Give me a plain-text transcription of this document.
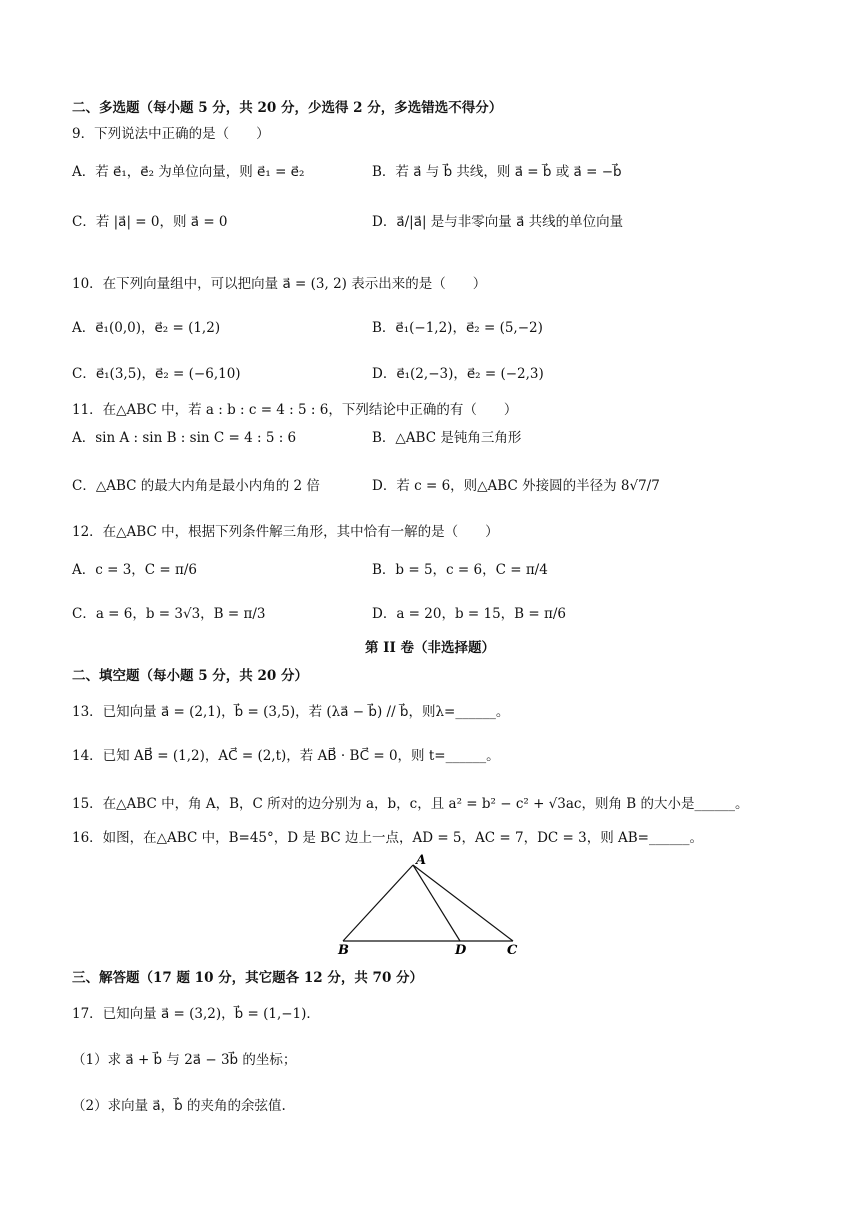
二、多选题（每小题 5 分，共 20 分，少选得 2 分，多选错选不得分）
9．下列说法中正确的是（　　）
A．若 e⃗₁，e⃗₂ 为单位向量，则 e⃗₁ = e⃗₂	B．若 a⃗ 与 b⃗ 共线，则 a⃗ = b⃗ 或 a⃗ = −b⃗
C．若 |a⃗| = 0，则 a⃗ = 0	D．a⃗/|a⃗| 是与非零向量 a⃗ 共线的单位向量
10．在下列向量组中，可以把向量 a⃗ = (3, 2) 表示出来的是（　　）
A．e⃗₁(0,0)，e⃗₂ = (1,2)	B．e⃗₁(−1,2)，e⃗₂ = (5,−2)
C．e⃗₁(3,5)，e⃗₂ = (−6,10)	D．e⃗₁(2,−3)，e⃗₂ = (−2,3)
11．在△ABC 中，若 a : b : c = 4 : 5 : 6，下列结论中正确的有（　　）
A．sin A : sin B : sin C = 4 : 5 : 6	B．△ABC 是钝角三角形
C．△ABC 的最大内角是最小内角的 2 倍	D．若 c = 6，则△ABC 外接圆的半径为 8√7/7
12．在△ABC 中，根据下列条件解三角形，其中恰有一解的是（　　）
A．c = 3，C = π/6	B．b = 5，c = 6，C = π/4
C．a = 6，b = 3√3，B = π/3	D．a = 20，b = 15，B = π/6
第 II 卷（非选择题）
二、填空题（每小题 5 分，共 20 分）
13．已知向量 a⃗ = (2,1)，b⃗ = (3,5)，若 (λa⃗ − b⃗) // b⃗，则λ=______。
14．已知 AB⃗ = (1,2)，AC⃗ = (2,t)，若 AB⃗ · BC⃗ = 0，则 t=______。
15．在△ABC 中，角 A，B，C 所对的边分别为 a，b，c，且 a² = b² − c² + √3ac，则角 B 的大小是______。
16．如图，在△ABC 中，B=45°，D 是 BC 边上一点，AD = 5，AC = 7，DC = 3，则 AB=______。
A
B	D	C
三、解答题（17 题 10 分，其它题各 12 分，共 70 分）
17．已知向量 a⃗ = (3,2)，b⃗ = (1,−1)．
（1）求 a⃗ + b⃗ 与 2a⃗ − 3b⃗ 的坐标；
（2）求向量 a⃗，b⃗ 的夹角的余弦值.
